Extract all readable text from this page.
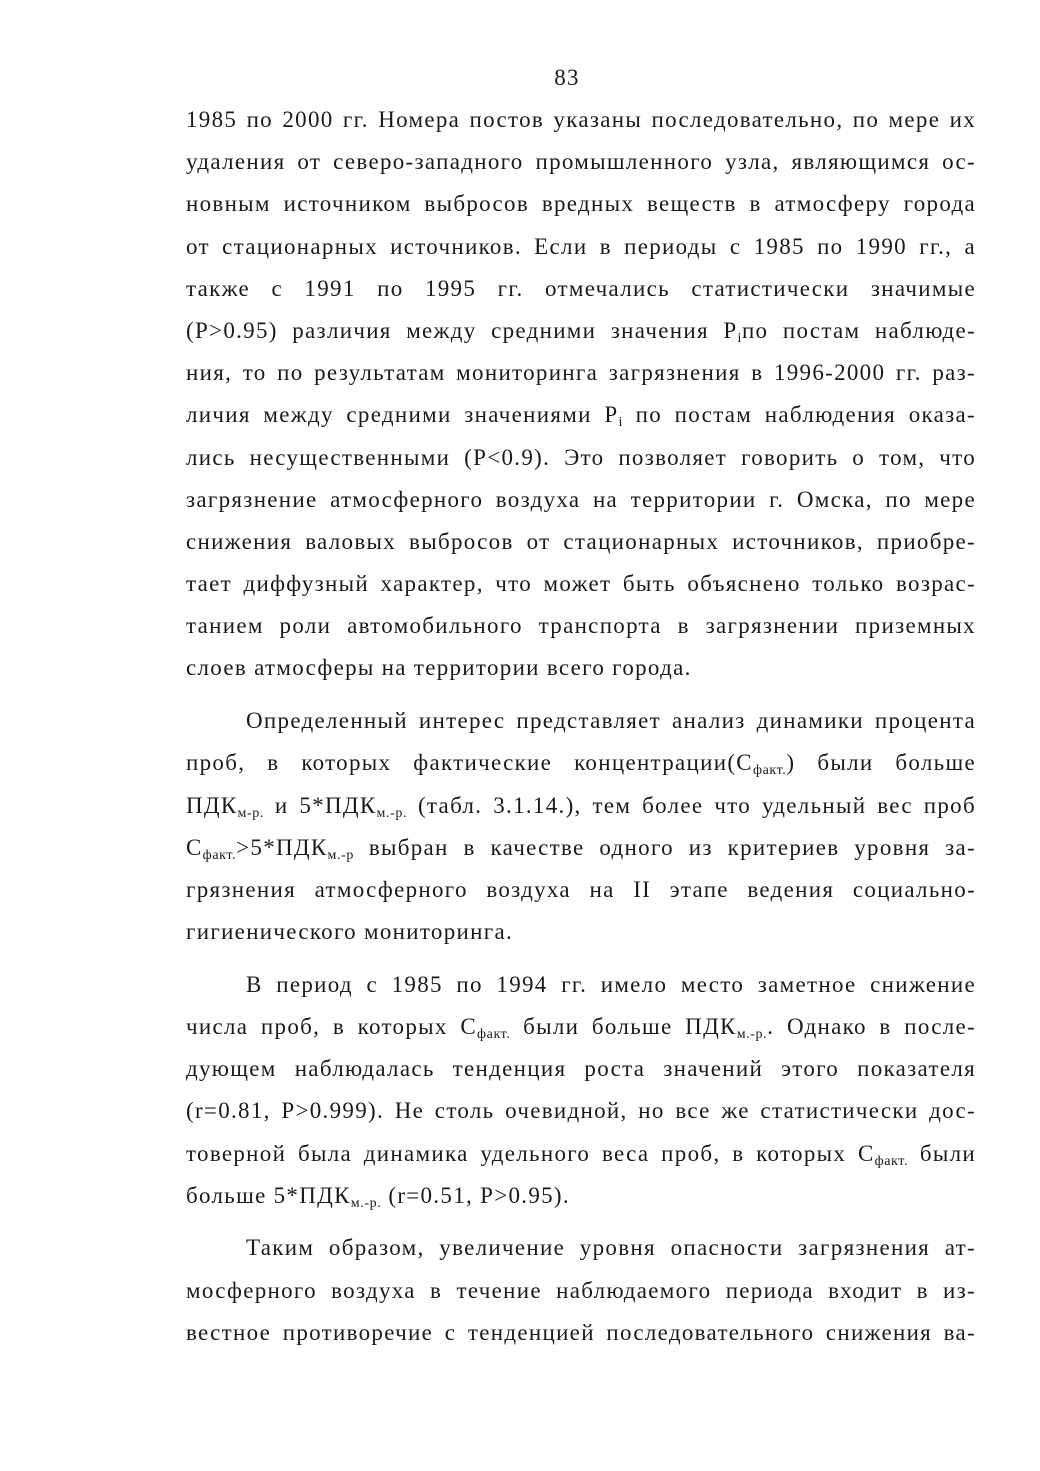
83
1985 по 2000 гг. Номера постов указаны последовательно, по мере их
удаления от северо-западного промышленного узла, являющимся ос-
новным источником выбросов вредных веществ в атмосферу города
от стационарных источников. Если в периоды с 1985 по 1990 гг., а
также с 1991 по 1995 гг. отмечались статистически значимые
(Р>0.95) различия между средними значения $Р_iпо$ постам наблюде-
ния, то по результатам мониторинга загрязнения в 1996-2000 гг. раз-
личия между средними значениями $Р_i$ по постам наблюдения оказа-
лись несущественными (Р<0.9). Это позволяет говорить о том, что
загрязнение атмосферного воздуха на территории г. Омска, по мере
снижения валовых выбросов от стационарных источников, приобре-
тает диффузный характер, что может быть объяснено только возрас-
танием роли автомобильного транспорта в загрязнении приземных
слоев атмосферы на территории всего города.
Определенный интерес представляет анализ динамики процента
проб, в которых фактические $концентрации(С_{факт.})$ были больше
$ПДК_{м-р.}$ и $5*ПДК_{м.-р.}$ (табл. 3.1.14.), тем более что удельный вес проб
$С_{факт.}>5*ПДК_{м.-р}$ выбран в качестве одного из критериев уровня за-
грязнения атмосферного воздуха на II этапе ведения социально-
гигиенического мониторинга.
В период с 1985 по 1994 гг. имело место заметное снижение
числа проб, в которых $С_{факт.}$ были больше $ПДК_{м.-р.}$. Однако в после-
дующем наблюдалась тенденция роста значений этого показателя
(r=0.81, P>0.999). Не столь очевидной, но все же статистически дос-
товерной была динамика удельного веса проб, в которых $С_{факт.}$ были
больше $5*ПДК_{м.-р.}$ (r=0.51, P>0.95).
Таким образом, увеличение уровня опасности загрязнения ат-
мосферного воздуха в течение наблюдаемого периода входит в из-
вестное противоречие с тенденцией последовательного снижения ва-
